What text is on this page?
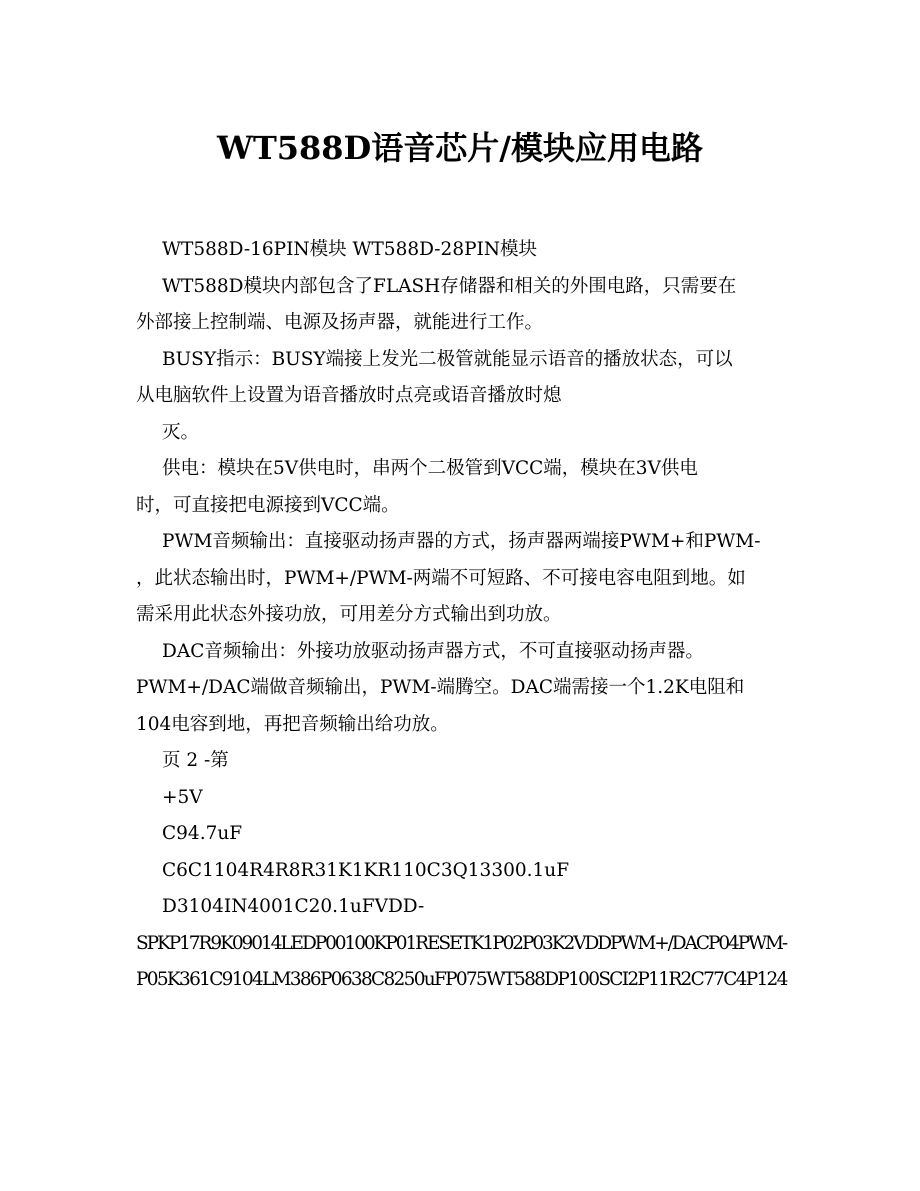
WT588D语音芯片/模块应用电路

WT588D-16PIN模块 WT588D-28PIN模块

WT588D模块内部包含了FLASH存储器和相关的外围电路，只需要在
外部接上控制端、电源及扬声器，就能进行工作。

BUSY指示：BUSY端接上发光二极管就能显示语音的播放状态，可以
从电脑软件上设置为语音播放时点亮或语音播放时熄

灭。

供电：模块在5V供电时，串两个二极管到VCC端，模块在3V供电
时，可直接把电源接到VCC端。

PWM音频输出：直接驱动扬声器的方式，扬声器两端接PWM+和PWM-
，此状态输出时，PWM+/PWM-两端不可短路、不可接电容电阻到地。如
需采用此状态外接功放，可用差分方式输出到功放。

DAC音频输出：外接功放驱动扬声器方式，不可直接驱动扬声器。
PWM+/DAC端做音频输出，PWM-端腾空。DAC端需接一个1.2K电阻和
104电容到地，再把音频输出给功放。

页 2 -第

+5V

C94.7uF

C6C1104R4R8R31K1KR110C3Q13300.1uF

D3104IN4001C20.1uFVDD-
SPKP17R9K09014LEDP00100KP01RESETK1P02P03K2VDDPWM+/DACP04PWM-
P05K361C9104LM386P0638C8250uFP075WT588DP100SCI2P11R2C77C4P124
